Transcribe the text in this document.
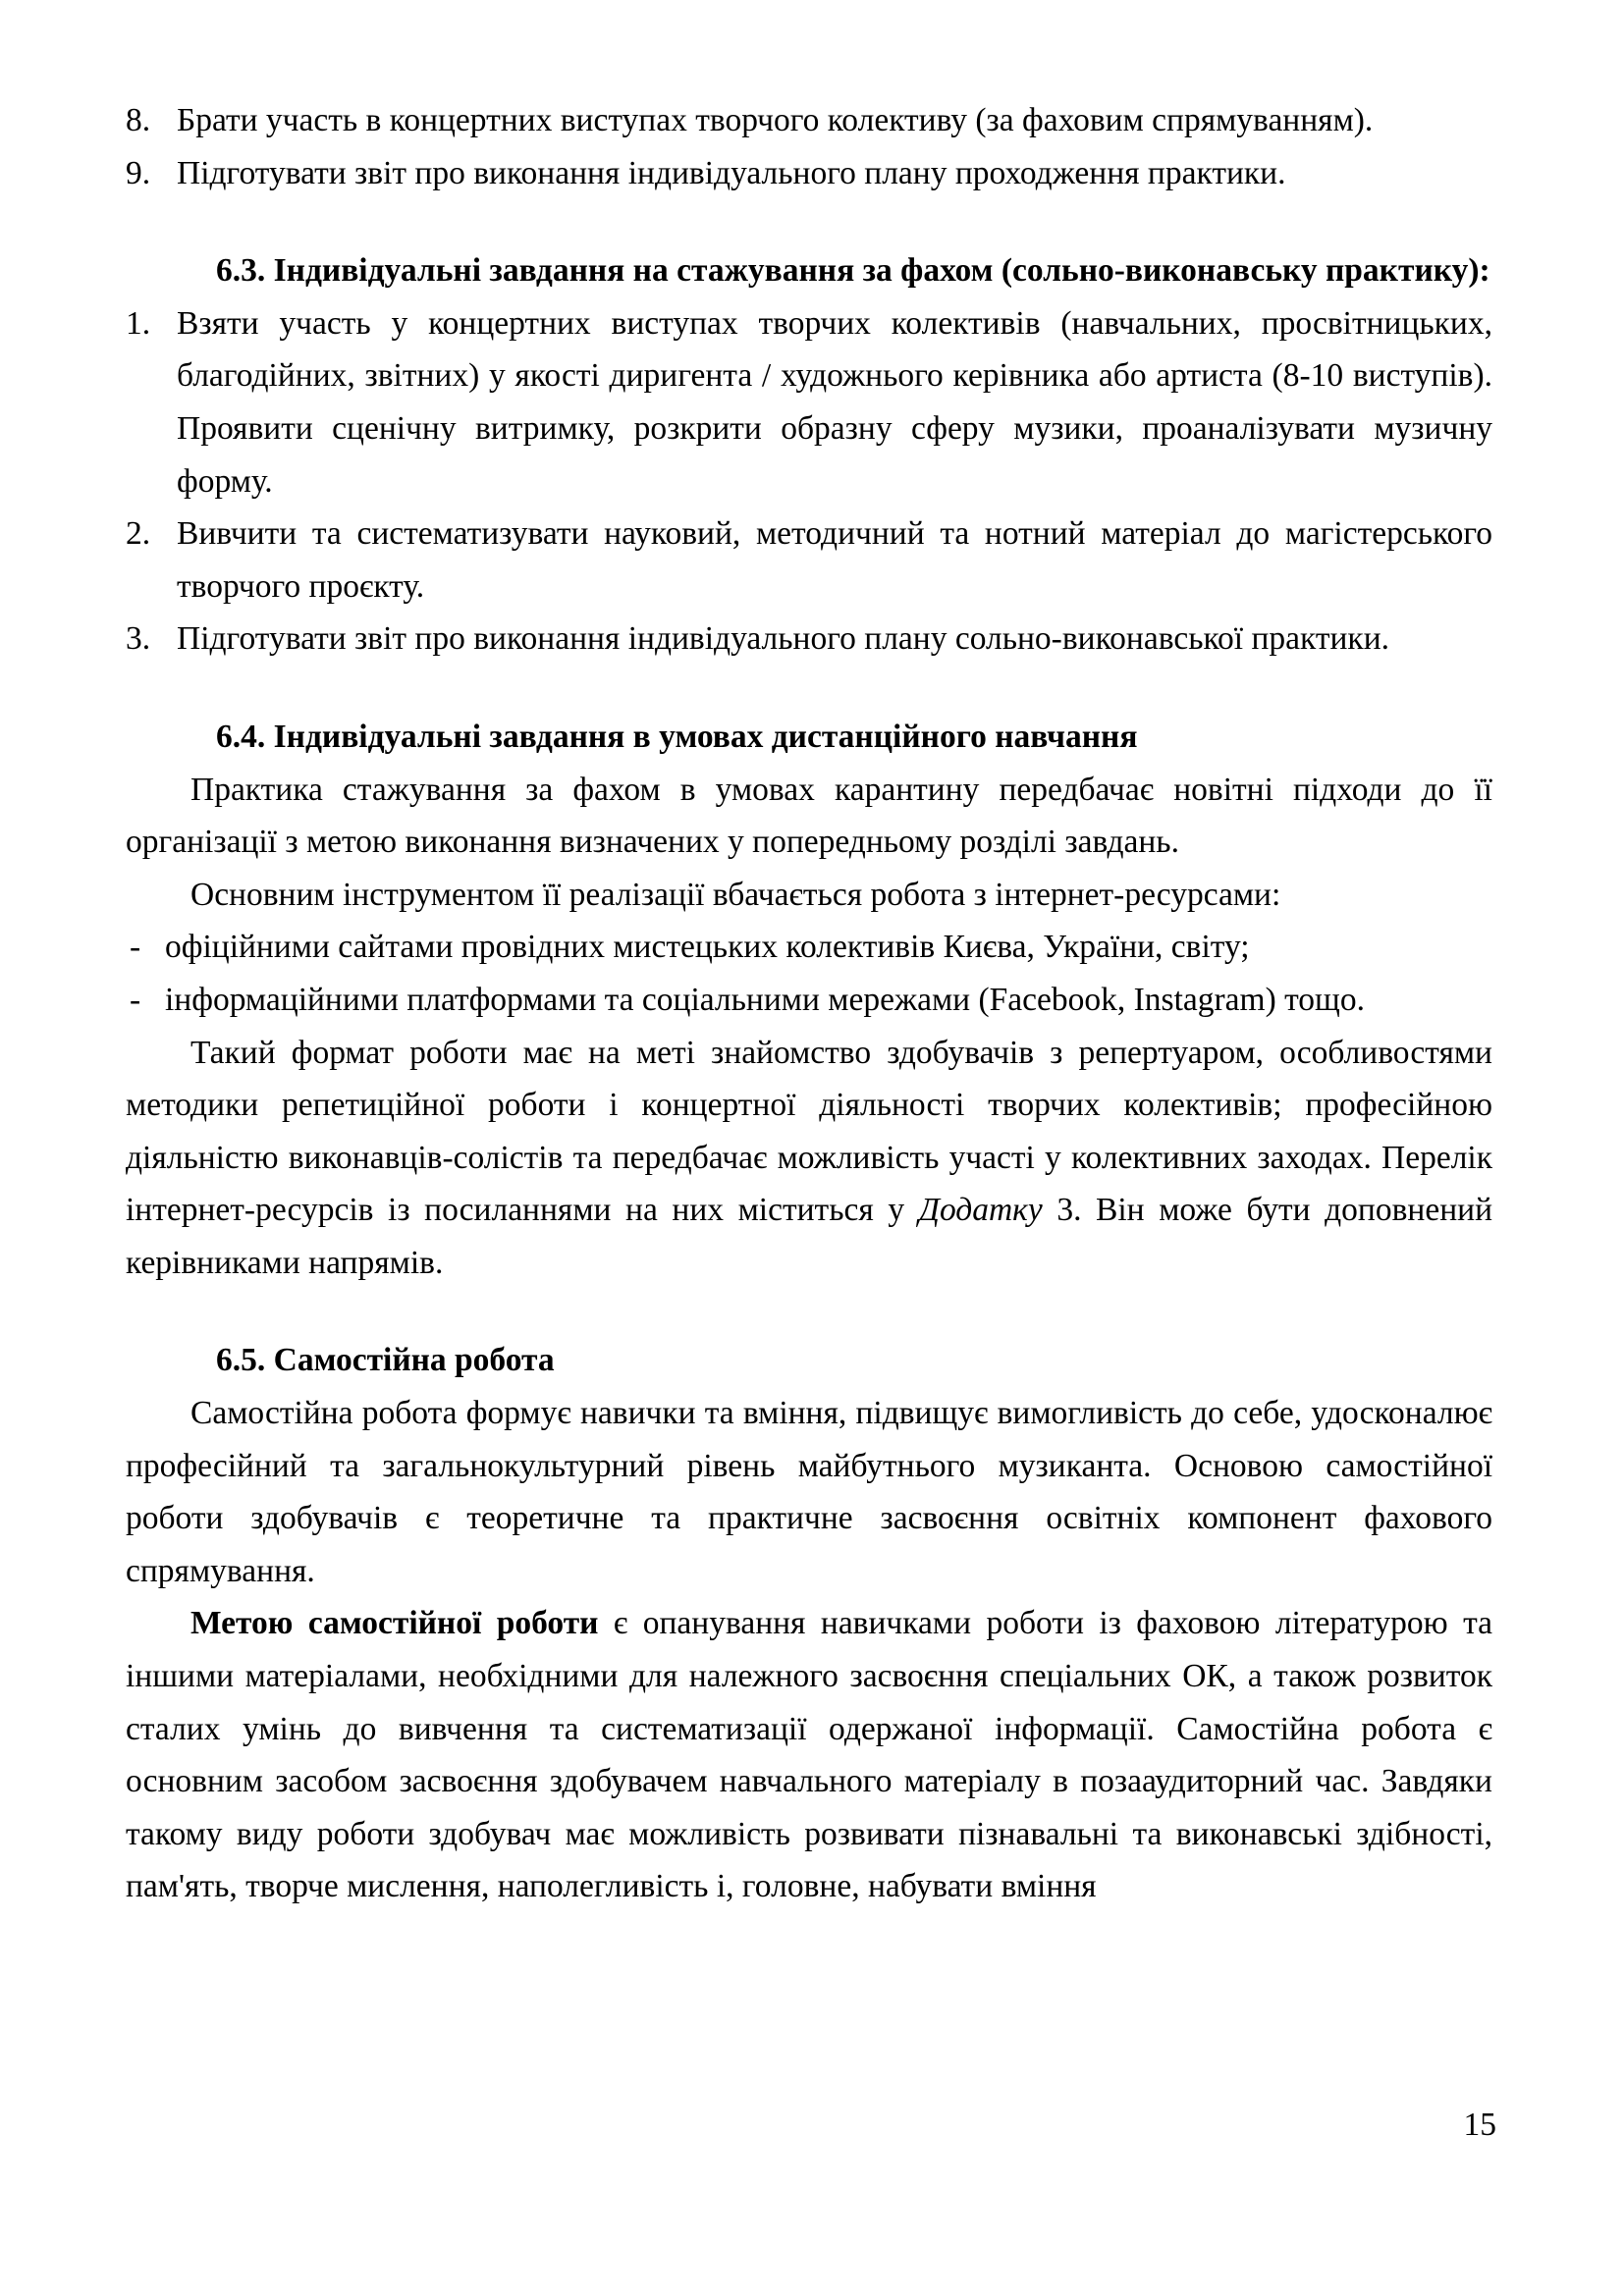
8. Брати участь в концертних виступах творчого колективу (за фаховим спрямуванням).
9. Підготувати звіт про виконання індивідуального плану проходження практики.

6.3. Індивідуальні завдання на стажування за фахом (сольно-виконавську практику):

1. Взяти участь у концертних виступах творчих колективів (навчальних, просвітницьких, благодійних, звітних) у якості диригента / художнього керівника або артиста (8-10 виступів). Проявити сценічну витримку, розкрити образну сферу музики, проаналізувати музичну форму.
2. Вивчити та систематизувати науковий, методичний та нотний матеріал до магістерського творчого проєкту.
3. Підготувати звіт про виконання індивідуального плану сольно-виконавської практики.

6.4. Індивідуальні завдання в умовах дистанційного навчання

Практика стажування за фахом в умовах карантину передбачає новітні підходи до її організації з метою виконання визначених у попередньому розділі завдань.

Основним інструментом її реалізації вбачається робота з інтернет-ресурсами:

- офіційними сайтами провідних мистецьких колективів Києва, України, світу;
- інформаційними платформами та соціальними мережами (Facebook, Instagram) тощо.

Такий формат роботи має на меті знайомство здобувачів з репертуаром, особливостями методики репетиційної роботи і концертної діяльності творчих колективів; професійною діяльністю виконавців-солістів та передбачає можливість участі у колективних заходах. Перелік інтернет-ресурсів із посиланнями на них міститься у Додатку 3. Він може бути доповнений керівниками напрямів.

6.5. Самостійна робота

Самостійна робота формує навички та вміння, підвищує вимогливість до себе, удосконалює професійний та загальнокультурний рівень майбутнього музиканта. Основою самостійної роботи здобувачів є теоретичне та практичне засвоєння освітніх компонент фахового спрямування.

Метою самостійної роботи є опанування навичками роботи із фаховою літературою та іншими матеріалами, необхідними для належного засвоєння спеціальних ОК, а також розвиток сталих умінь до вивчення та систематизації одержаної інформації. Самостійна робота є основним засобом засвоєння здобувачем навчального матеріалу в позааудиторний час. Завдяки такому виду роботи здобувач має можливість розвивати пізнавальні та виконавські здібності, пам'ять, творче мислення, наполегливість і, головне, набувати вміння

15
